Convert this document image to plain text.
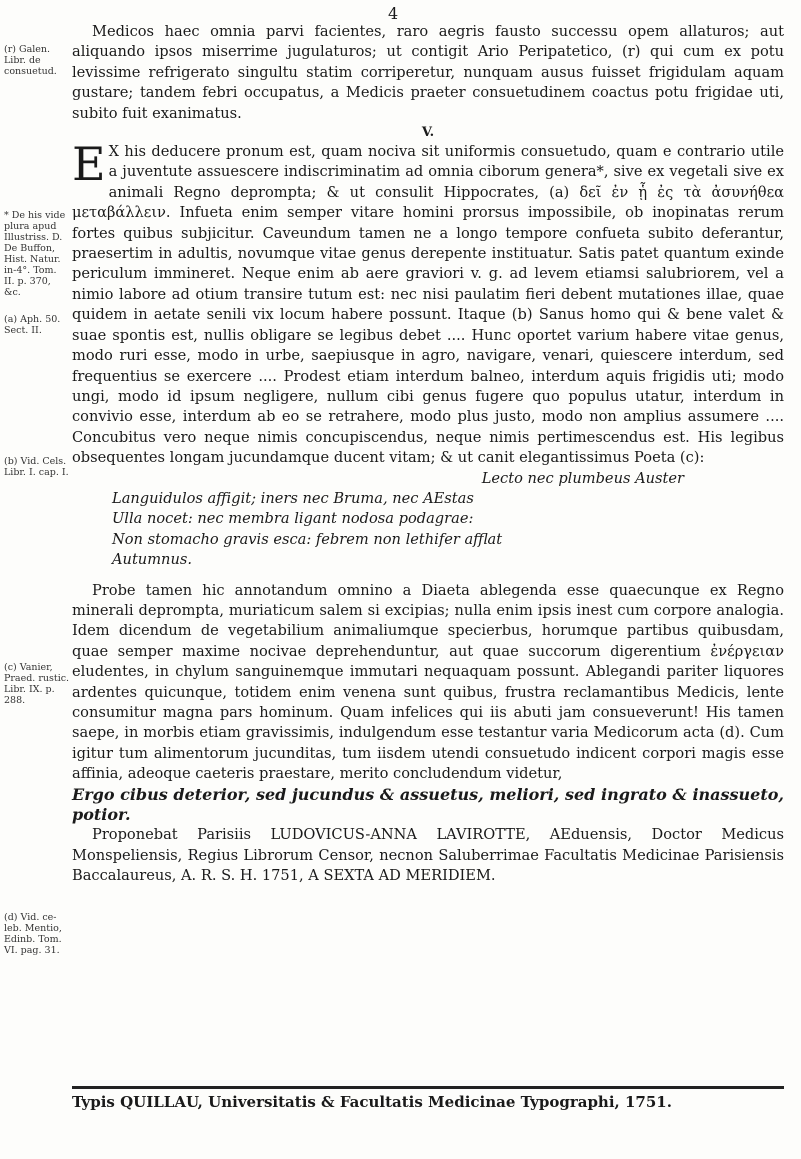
4

(r) Galen. Libr. de consuetud.

* De his vide plura apud Illustriss. D. De Buffon, Hist. Natur. in-4°. Tom. II. p. 370, &c.

(a) Aph. 50. Sect. II.

(b) Vid. Cels. Libr. I. cap. I.

(c) Vanier, Praed. rustic. Libr. IX. p. 288.

(d) Vid. ce-leb. Mentio, Edinb. Tom. VI. pag. 31.

Medicos haec omnia parvi facientes, raro aegris fausto successu opem allaturos; aut aliquando ipsos miserrime jugulaturos; ut contigit Ario Peripatetico, (r) qui cum ex potu levissime refrigerato singultu statim corriperetur, nunquam ausus fuisset frigidulam aquam gustare; tandem febri occupatus, a Medicis praeter consuetudinem coactus potu frigidae uti, subito fuit exanimatus.

V.

E X his deducere pronum est, quam nociva sit uniformis consuetudo, quam e contrario utile a juventute assuescere indiscriminatim ad omnia ciborum genera*, sive ex vegetali sive ex animali Regno deprompta; & ut consulit Hippocrates, (a) δεῖ ἐν ᾗ ἐς τὰ ἀσυνήθεα μεταβάλλειν. Infueta enim semper vitare homini prorsus impossibile, ob inopinatas rerum fortes quibus subjicitur. Caveundum tamen ne a longo tempore confueta subito deferantur, praesertim in adultis, novumque vitae genus derepente instituatur. Satis patet quantum exinde periculum immineret. Neque enim ab aere graviori v. g. ad levem etiamsi salubriorem, vel a nimio labore ad otium transire tutum est: nec nisi paulatim fieri debent mutationes illae, quae quidem in aetate senili vix locum habere possunt. Itaque (b) Sanus homo qui & bene valet & suae spontis est, nullis obligare se legibus debet .... Hunc oportet varium habere vitae genus, modo ruri esse, modo in urbe, saepiusque in agro, navigare, venari, quiescere interdum, sed frequentius se exercere .... Prodest etiam interdum balneo, interdum aquis frigidis uti; modo ungi, modo id ipsum negligere, nullum cibi genus fugere quo populus utatur, interdum in convivio esse, interdum ab eo se retrahere, modo plus justo, modo non amplius assumere .... Concubitus vero neque nimis concupiscendus, neque nimis pertimescendus est. His legibus obsequentes longam jucundamque ducent vitam; & ut canit elegantissimus Poeta (c):

Lecto nec plumbeus Auster

Languidulos affigit; iners nec Bruma, nec AEstas

Ulla nocet: nec membra ligant nodosa podagrae:

Non stomacho gravis esca: febrem non lethifer afflat

Autumnus.

Probe tamen hic annotandum omnino a Diaeta ablegenda esse quaecunque ex Regno minerali deprompta, muriaticum salem si excipias; nulla enim ipsis inest cum corpore analogia. Idem dicendum de vegetabilium animaliumque specierbus, horumque partibus quibusdam, quae semper maxime nocivae deprehenduntur, aut quae succorum digerentium ἐνέργειαν eludentes, in chylum sanguinemque immutari nequaquam possunt. Ablegandi pariter liquores ardentes quicunque, totidem enim venena sunt quibus, frustra reclamantibus Medicis, lente consumitur magna pars hominum. Quam infelices qui iis abuti jam consueverunt! His tamen saepe, in morbis etiam gravissimis, indulgendum esse testantur varia Medicorum acta (d). Cum igitur tum alimentorum jucunditas, tum iisdem utendi consuetudo indicent corpori magis esse affinia, adeoque caeteris praestare, merito concludendum videtur,

Ergo cibus deterior, sed jucundus & assuetus, meliori, sed ingrato & inassueto, potior.

Proponebat Parisiis LUDOVICUS-ANNA LAVIROTTE, AEduensis, Doctor Medicus Monspeliensis, Regius Librorum Censor, necnon Saluberrimae Facultatis Medicinae Parisiensis Baccalaureus, A. R. S. H. 1751, A SEXTA AD MERIDIEM.

Typis QUILLAU, Universitatis & Facultatis Medicinae Typographi, 1751.
